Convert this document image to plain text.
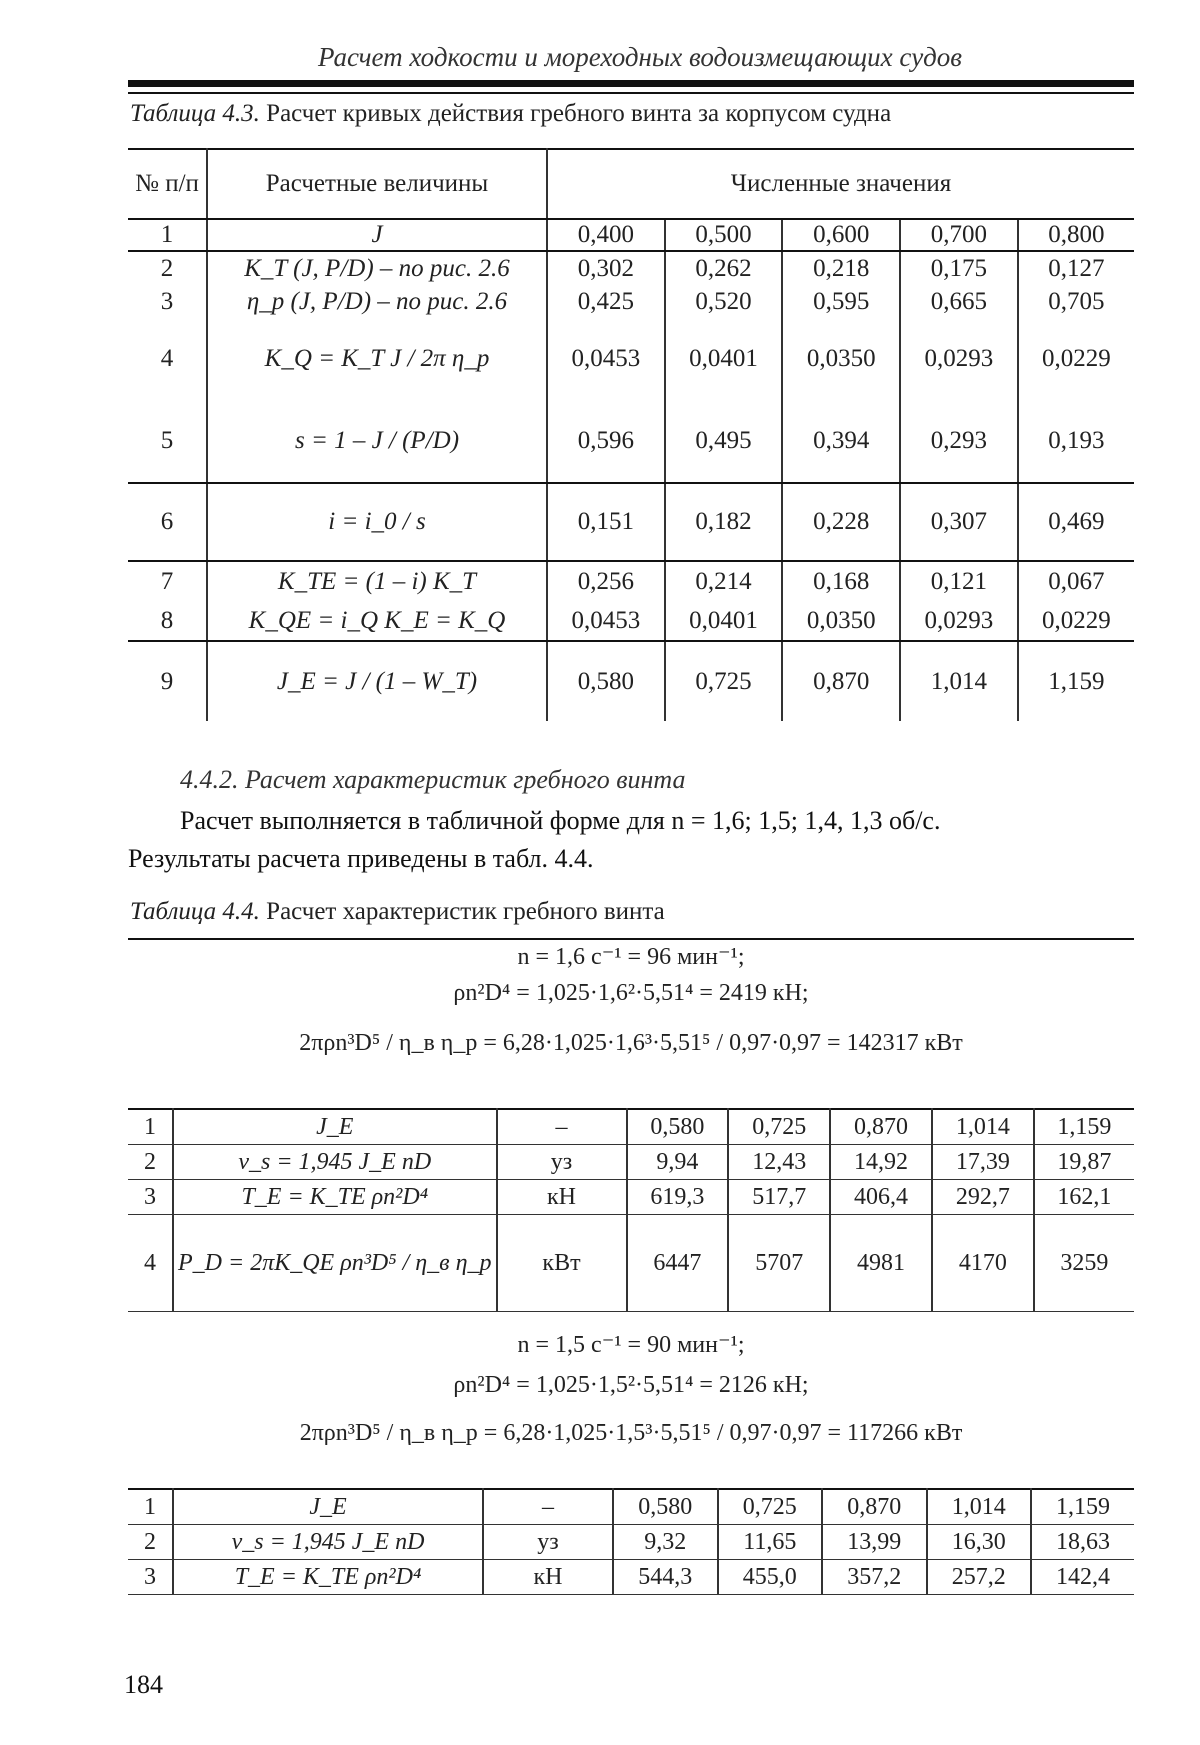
Расчет ходкости и мореходных водоизмещающих судов
Таблица 4.3. Расчет кривых действия гребного винта за корпусом судна
№ п/п	Расчетные величины	Численные значения				
1	J	0,400	0,500	0,600	0,700	0,800
2	K_T (J, P/D) – по рис. 2.6	0,302	0,262	0,218	0,175	0,127
3	η_p (J, P/D) – по рис. 2.6	0,425	0,520	0,595	0,665	0,705
4	K_Q = K_T J / 2π η_p	0,0453	0,0401	0,0350	0,0293	0,0229
5	s = 1 – J / (P/D)	0,596	0,495	0,394	0,293	0,193
6	i = i_0 / s	0,151	0,182	0,228	0,307	0,469
7	K_TE = (1 – i) K_T	0,256	0,214	0,168	0,121	0,067
8	K_QE = i_Q K_E = K_Q	0,0453	0,0401	0,0350	0,0293	0,0229
9	J_E = J / (1 – W_T)	0,580	0,725	0,870	1,014	1,159
4.4.2. Расчет характеристик гребного винта
Расчет выполняется в табличной форме для n = 1,6; 1,5; 1,4, 1,3 об/с.
Результаты расчета приведены в табл. 4.4.
Таблица 4.4. Расчет характеристик гребного винта
n = 1,6 с⁻¹ = 96 мин⁻¹;
ρn²D⁴ = 1,025·1,6²·5,51⁴ = 2419 кН;
2πρn³D⁵ / η_в η_р = 6,28·1,025·1,6³·5,51⁵ / 0,97·0,97 = 142317 кВт
1	J_E	–	0,580	0,725	0,870	1,014	1,159
2	v_s = 1,945 J_E nD	уз	9,94	12,43	14,92	17,39	19,87
3	T_E = K_TE ρn²D⁴	кН	619,3	517,7	406,4	292,7	162,1
4	P_D = 2πK_QE ρn³D⁵ / η_в η_р	кВт	6447	5707	4981	4170	3259
n = 1,5 с⁻¹ = 90 мин⁻¹;
ρn²D⁴ = 1,025·1,5²·5,51⁴ = 2126 кН;
2πρn³D⁵ / η_в η_р = 6,28·1,025·1,5³·5,51⁵ / 0,97·0,97 = 117266 кВт
1	J_E	–	0,580	0,725	0,870	1,014	1,159
2	v_s = 1,945 J_E nD	уз	9,32	11,65	13,99	16,30	18,63
3	T_E = K_TE ρn²D⁴	кН	544,3	455,0	357,2	257,2	142,4
184
